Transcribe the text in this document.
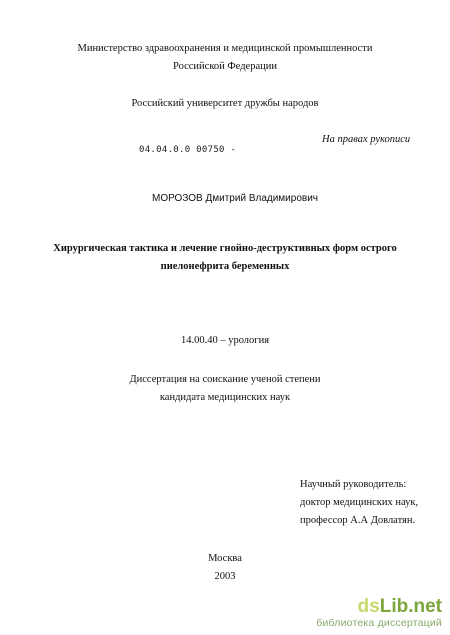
Министерство здравоохранения и медицинской промышленности
Российской Федерации
Российский университет дружбы народов
На правах рукописи
04.04.0.0 00750 -
МОРОЗОВ Дмитрий Владимирович
Хирургическая тактика и лечение гнойно-деструктивных форм острого
пиелонефрита беременных
14.00.40 – урология
Диссертация на соискание ученой степени
кандидата медицинских наук
Научный руководитель:
доктор медицинских наук,
профессор А.А Довлатян.
Москва
2003
dsLib.net
библиотека диссертаций
